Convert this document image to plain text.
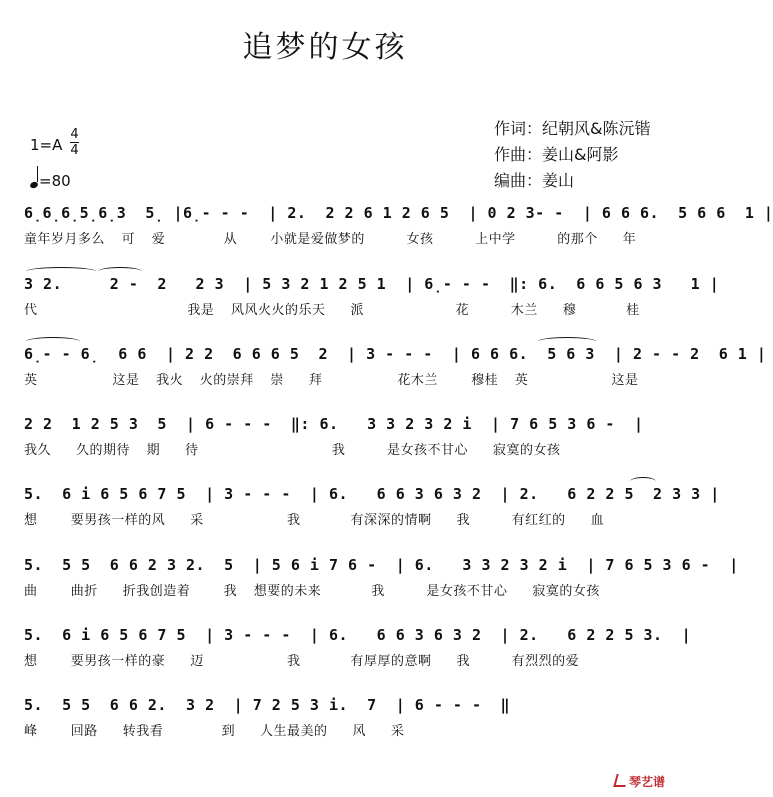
追梦的女孩
作词：纪朝风&陈沅锴
作曲：姜山&阿影
编曲：姜山
1=A
4
4
=80
6̣6̣6̣5̣6̣3  5̣ |6̣- - -  | 2.  2 2 6 1 2 6 5  | 0 2 3- -  | 6 6 6.  5 6 6  1 |
童年岁月多么  可  爱       从    小就是爱做梦的     女孩     上中学     的那个   年
3 2.     2 -  2   2 3  | 5 3 2 1 2 5 1  | 6̣- - -  ‖: 6.  6 6 5 6 3   1 |
代                  我是  风风火火的乐天   派           花     木兰   穆      桂
6̣- - 6̣  6 6  | 2 2  6 6 6 5  2  | 3 - - -  | 6 6 6.  5 6 3  | 2 - - 2  6 1 |
英         这是  我火  火的崇拜  崇   拜         花木兰    穆桂  英          这是
2 2  1 2 5 3  5  | 6 - - -  ‖: 6.   3 3 2 3 2 i  | 7 6 5 3 6 -  |
我久   久的期待  期   待                我     是女孩不甘心   寂寞的女孩
5.  6 i 6 5 6 7 5  | 3 - - -  | 6.   6 6 3 6 3 2  | 2.   6 2 2 5  2 3 3 |
想    要男孩一样的风   采          我      有深深的情啊   我     有红红的   血
5.  5 5  6 6 2 3 2.  5  | 5 6 i 7 6 -  | 6.   3 3 2 3 2 i  | 7 6 5 3 6 -  |
曲    曲折   折我创造着    我  想要的未来      我     是女孩不甘心   寂寞的女孩
5.  6 i 6 5 6 7 5  | 3 - - -  | 6.   6 6 3 6 3 2  | 2.   6 2 2 5 3.  |
想    要男孩一样的豪   迈          我      有厚厚的意啊   我     有烈烈的爱
5.  5 5  6 6 2.  3 2  | 7 2 5 3 i.  7  | 6 - - -  ‖
峰    回路   转我看       到   人生最美的   风   采
琴艺谱
